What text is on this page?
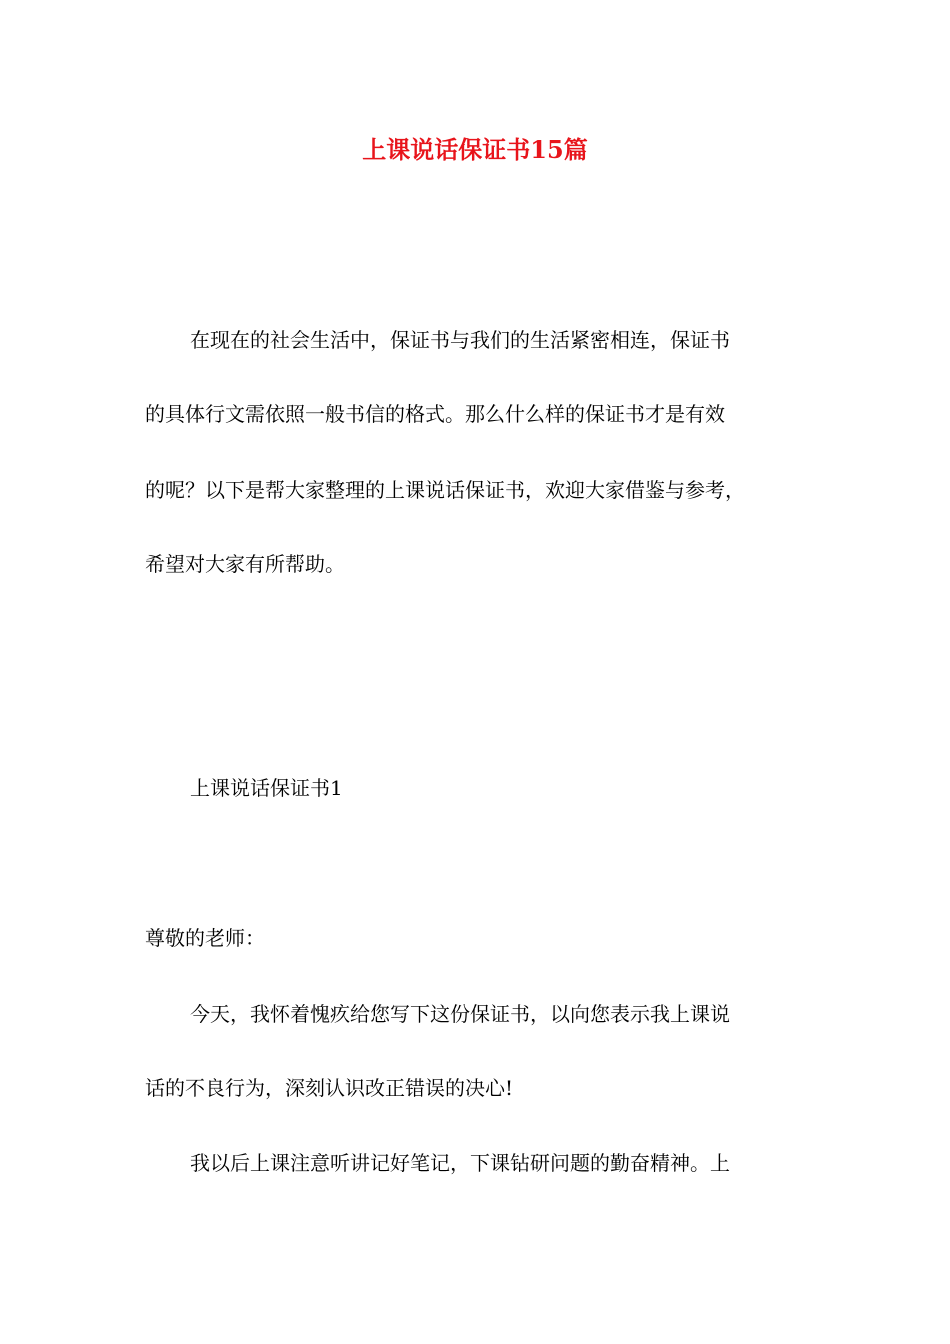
上课说话保证书15篇
在现在的社会生活中，保证书与我们的生活紧密相连，保证书
的具体行文需依照一般书信的格式。那么什么样的保证书才是有效
的呢？以下是帮大家整理的上课说话保证书，欢迎大家借鉴与参考，
希望对大家有所帮助。
上课说话保证书1
尊敬的老师：
今天，我怀着愧疚给您写下这份保证书，以向您表示我上课说
话的不良行为，深刻认识改正错误的决心!
我以后上课注意听讲记好笔记，下课钻研问题的勤奋精神。上
